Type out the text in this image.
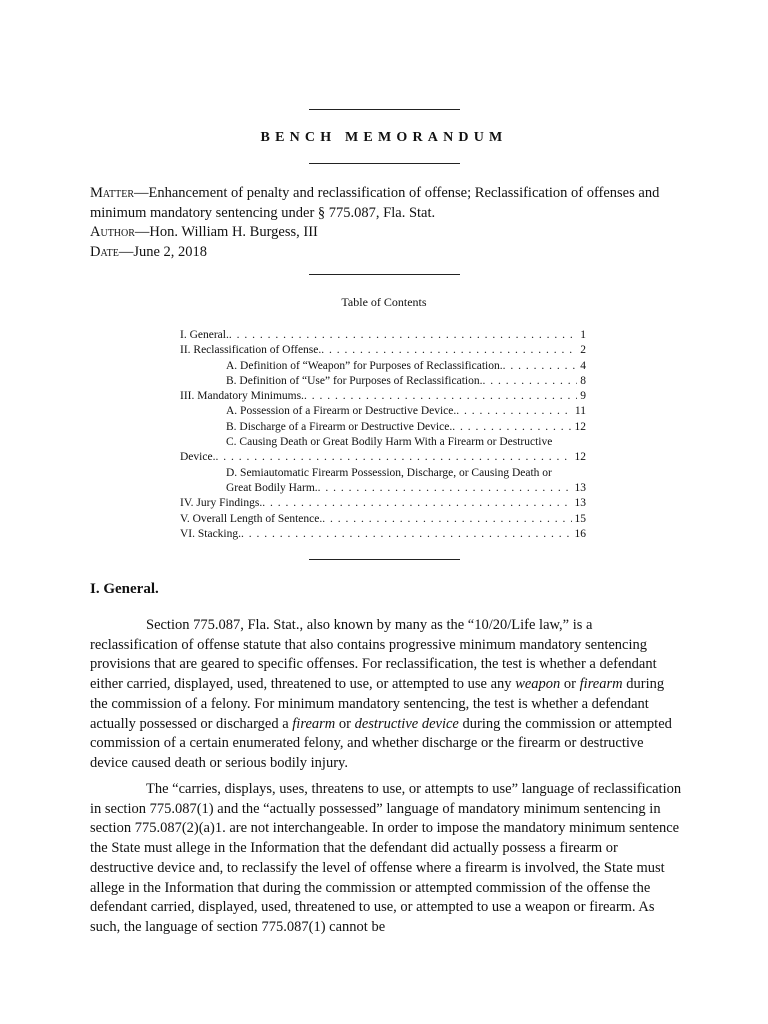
BENCH MEMORANDUM

Matter—Enhancement of penalty and reclassification of offense; Reclassification of offenses and minimum mandatory sentencing under § 775.087, Fla. Stat.

Author—Hon. William H. Burgess, III

Date—June 2, 2018

Table of Contents
I. General. . . .	1
II. Reclassification of Offense. . . .	2
A. Definition of “Weapon” for Purposes of Reclassification. . . .	4
B. Definition of “Use” for Purposes of Reclassification. . . .	8
III. Mandatory Minimums. . . .	9
A. Possession of a Firearm or Destructive Device. . . .	11
B. Discharge of a Firearm or Destructive Device. . . .	12
C. Causing Death or Great Bodily Harm With a Firearm or Destructive
Device. . . .	12
D. Semiautomatic Firearm Possession, Discharge, or Causing Death or
Great Bodily Harm. . . .	13
IV. Jury Findings. . . .	13
V. Overall Length of Sentence. . . .	15
VI. Stacking. . . .	16
I. General.

Section 775.087, Fla. Stat., also known by many as the “10/20/Life law,” is a reclassification of offense statute that also contains progressive minimum mandatory sentencing provisions that are geared to specific offenses. For reclassification, the test is whether a defendant either carried, displayed, used, threatened to use, or attempted to use any weapon or firearm during the commission of a felony. For minimum mandatory sentencing, the test is whether a defendant actually possessed or discharged a firearm or destructive device during the commission or attempted commission of a certain enumerated felony, and whether discharge or the firearm or destructive device caused death or serious bodily injury.

The “carries, displays, uses, threatens to use, or attempts to use” language of reclassification in section 775.087(1) and the “actually possessed” language of mandatory minimum sentencing in section 775.087(2)(a)1. are not interchangeable. In order to impose the mandatory minimum sentence the State must allege in the Information that the defendant did actually possess a firearm or destructive device and, to reclassify the level of offense where a firearm is involved, the State must allege in the Information that during the commission or attempted commission of the offense the defendant carried, displayed, used, threatened to use, or attempted to use a weapon or firearm. As such, the language of section 775.087(1) cannot be
